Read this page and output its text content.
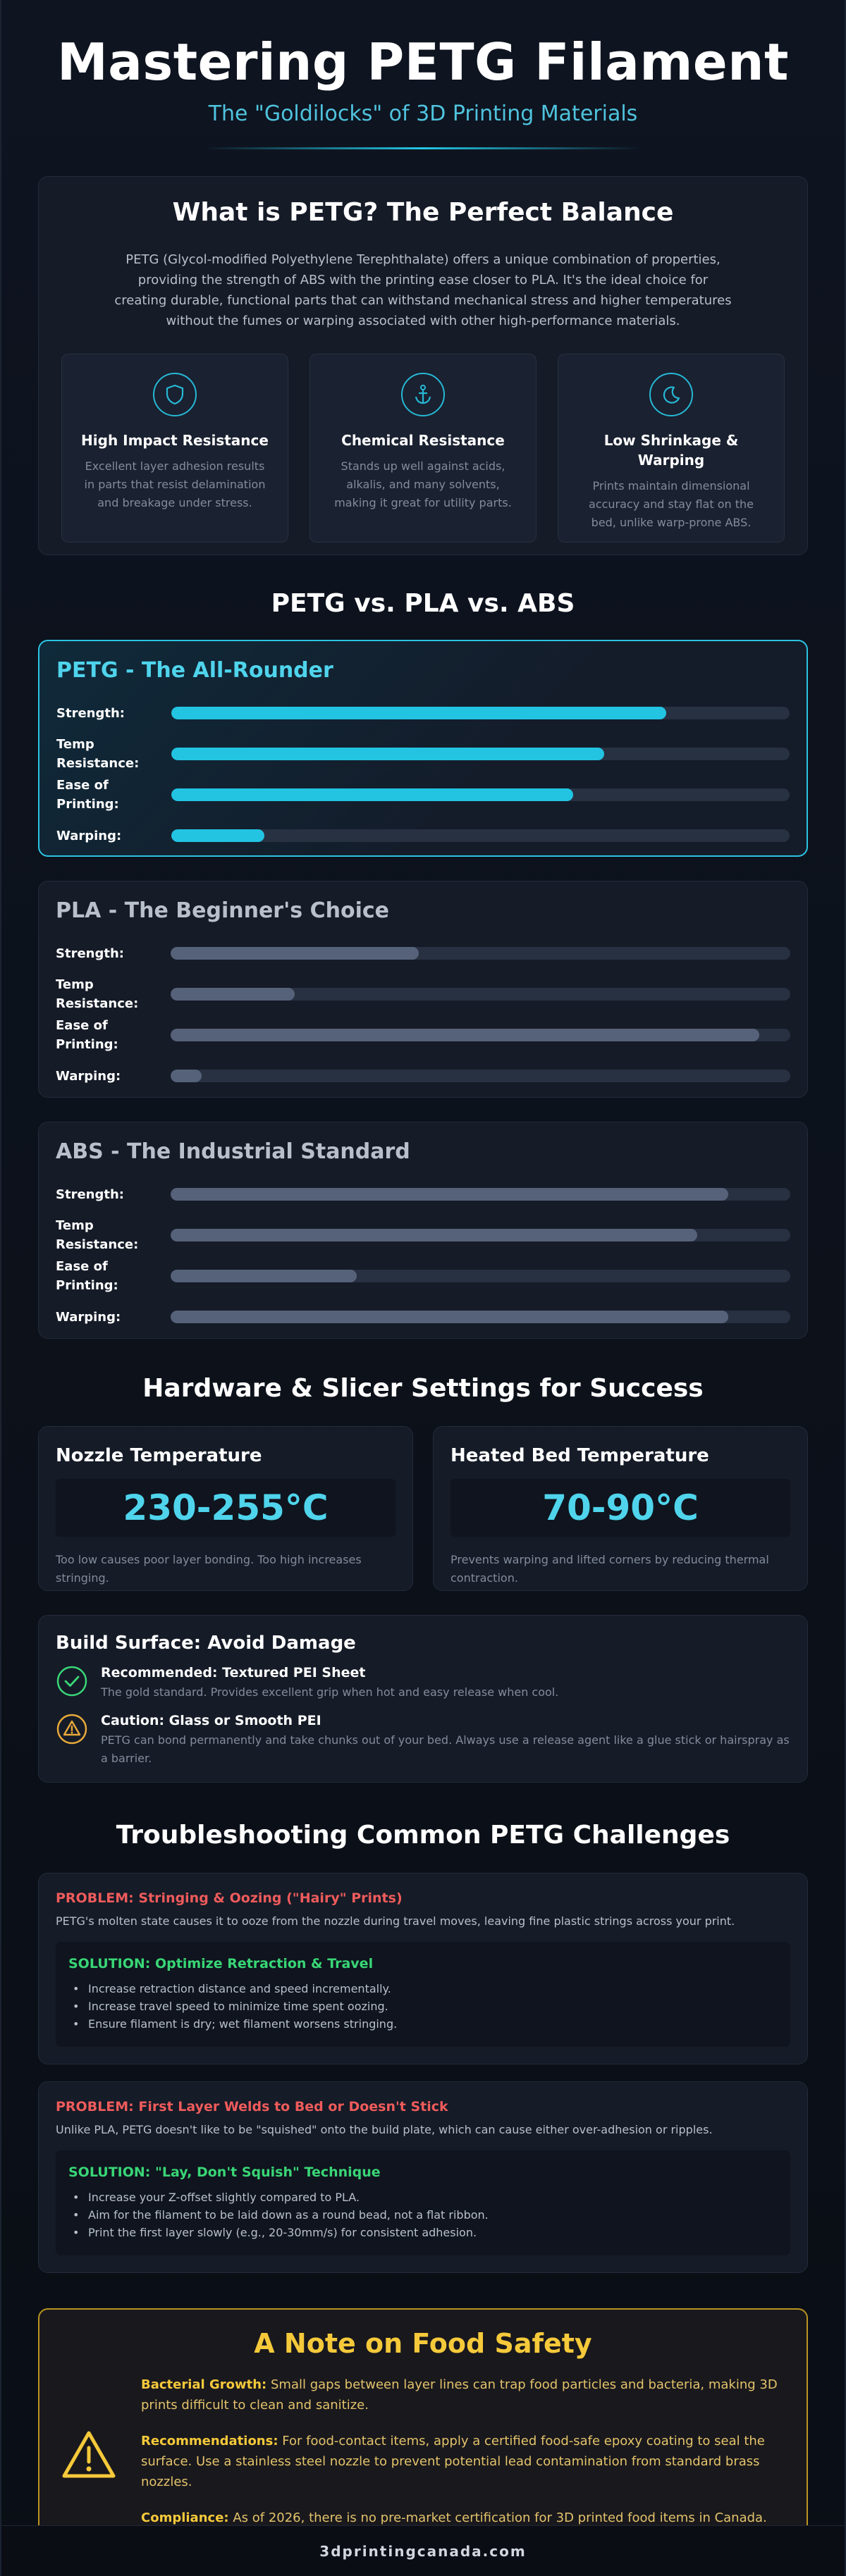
Mastering PETG Filament
The "Goldilocks" of 3D Printing Materials
What is PETG? The Perfect Balance

PETG (Glycol-modified Polyethylene Terephthalate) offers a unique combination of properties, providing the strength of ABS with the printing ease closer to PLA. It's the ideal choice for creating durable, functional parts that can withstand mechanical stress and higher temperatures without the fumes or warping associated with other high-performance materials.

High Impact Resistance

Excellent layer adhesion results in parts that resist delamination and breakage under stress.

Chemical Resistance

Stands up well against acids, alkalis, and many solvents, making it great for utility parts.

Low Shrinkage & Warping

Prints maintain dimensional accuracy and stay flat on the bed, unlike warp-prone ABS.

PETG vs. PLA vs. ABS
PETG - The All-Rounder
Strength:
Temp Resistance:
Ease of Printing:
Warping:
PLA - The Beginner's Choice
Strength:
Temp Resistance:
Ease of Printing:
Warping:
ABS - The Industrial Standard
Strength:
Temp Resistance:
Ease of Printing:
Warping:
Hardware & Slicer Settings for Success
Nozzle Temperature
230-255°C

Too low causes poor layer bonding. Too high increases stringing.

Heated Bed Temperature
70-90°C

Prevents warping and lifted corners by reducing thermal contraction.

Build Surface: Avoid Damage
Recommended: Textured PEI Sheet

The gold standard. Provides excellent grip when hot and easy release when cool.

Caution: Glass or Smooth PEI

PETG can bond permanently and take chunks out of your bed. Always use a release agent like a glue stick or hairspray as a barrier.

Troubleshooting Common PETG Challenges
PROBLEM: Stringing & Oozing ("Hairy" Prints)
PETG's molten state causes it to ooze from the nozzle during travel moves, leaving fine plastic strings across your print.
SOLUTION: Optimize Retraction & Travel
• Increase retraction distance and speed incrementally.
• Increase travel speed to minimize time spent oozing.
• Ensure filament is dry; wet filament worsens stringing.
PROBLEM: First Layer Welds to Bed or Doesn't Stick
Unlike PLA, PETG doesn't like to be "squished" onto the build plate, which can cause either over-adhesion or ripples.
SOLUTION: "Lay, Don't Squish" Technique
• Increase your Z-offset slightly compared to PLA.
• Aim for the filament to be laid down as a round bead, not a flat ribbon.
• Print the first layer slowly (e.g., 20-30mm/s) for consistent adhesion.
A Note on Food Safety

Bacterial Growth: Small gaps between layer lines can trap food particles and bacteria, making 3D prints difficult to clean and sanitize.

Recommendations: For food-contact items, apply a certified food-safe epoxy coating to seal the surface. Use a stainless steel nozzle to prevent potential lead contamination from standard brass nozzles.

Compliance: As of 2026, there is no pre-market certification for 3D printed food items in Canada.

3dprintingcanada.com
